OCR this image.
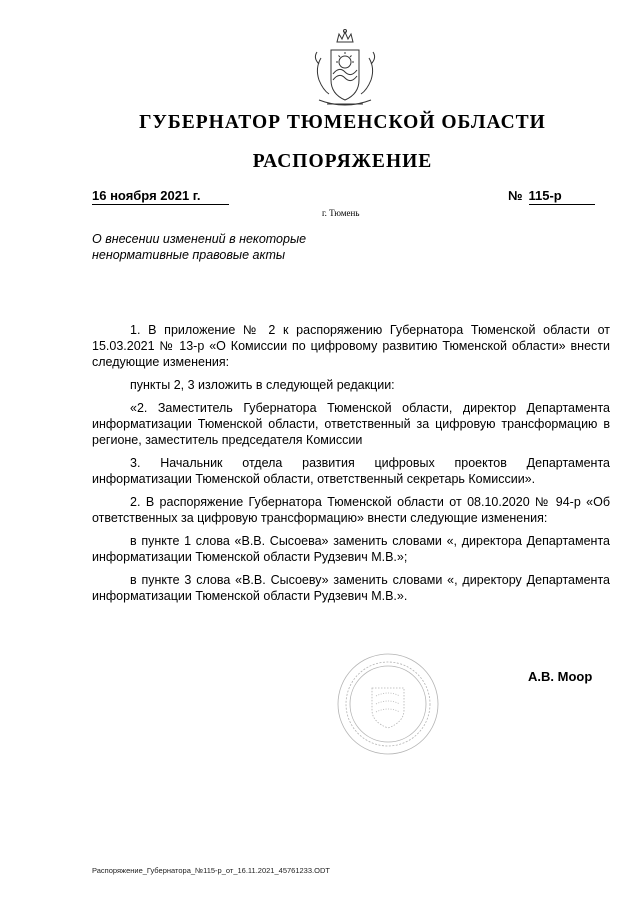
ГУБЕРНАТОР ТЮМЕНСКОЙ ОБЛАСТИ
РАСПОРЯЖЕНИЕ
16 ноября 2021 г.	№ 115-р
г. Тюмень
О внесении изменений в некоторые ненормативные правовые акты

1. В приложение № 2 к распоряжению Губернатора Тюменской области от 15.03.2021 № 13-р «О Комиссии по цифровому развитию Тюменской области» внести следующие изменения:

пункты 2, 3 изложить в следующей редакции:

«2. Заместитель Губернатора Тюменской области, директор Департамента информатизации Тюменской области, ответственный за цифровую трансформацию в регионе, заместитель председателя Комиссии

3. Начальник отдела развития цифровых проектов Департамента информатизации Тюменской области, ответственный секретарь Комиссии».

2. В распоряжение Губернатора Тюменской области от 08.10.2020 № 94-р «Об ответственных за цифровую трансформацию» внести следующие изменения:

в пункте 1 слова «В.В. Сысоева» заменить словами «, директора Департамента информатизации Тюменской области Рудзевич М.В.»;

в пункте 3 слова «В.В. Сысоеву» заменить словами «, директору Департамента информатизации Тюменской области Рудзевич М.В.».

А.В. Моор
Распоряжение_Губернатора_№115-р_от_16.11.2021_45761233.ODT
